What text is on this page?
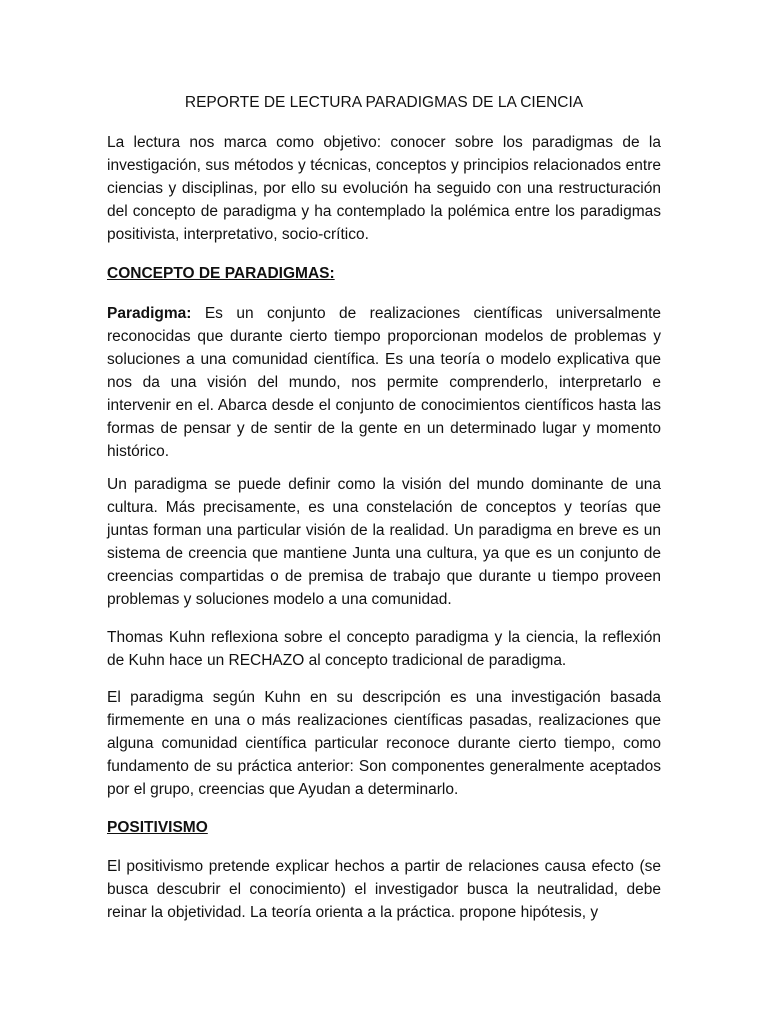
REPORTE DE LECTURA PARADIGMAS DE LA CIENCIA

La lectura nos marca como objetivo: conocer sobre los paradigmas de la investigación, sus métodos y técnicas, conceptos y principios relacionados entre ciencias y disciplinas, por ello su evolución ha seguido con una restructuración del concepto de paradigma y ha contemplado la polémica entre los paradigmas positivista, interpretativo, socio-crítico.

CONCEPTO DE PARADIGMAS:

Paradigma: Es un conjunto de realizaciones científicas universalmente reconocidas que durante cierto tiempo proporcionan modelos de problemas y soluciones a una comunidad científica. Es una teoría o modelo explicativa que nos da una visión del mundo, nos permite comprenderlo, interpretarlo e intervenir en el. Abarca desde el conjunto de conocimientos científicos hasta las formas de pensar y de sentir de la gente en un determinado lugar y momento histórico.

Un paradigma se puede definir como la visión del mundo dominante de una cultura. Más precisamente, es una constelación de conceptos y teorías que juntas forman una particular visión de la realidad. Un paradigma en breve es un sistema de creencia que mantiene Junta una cultura, ya que es un conjunto de creencias compartidas o de premisa de trabajo que durante u tiempo proveen problemas y soluciones modelo a una comunidad.

Thomas Kuhn reflexiona sobre el concepto paradigma y la ciencia, la reflexión de Kuhn hace un RECHAZO al concepto tradicional de paradigma.

El paradigma según Kuhn en su descripción es una investigación basada firmemente en una o más realizaciones científicas pasadas, realizaciones que alguna comunidad científica particular reconoce durante cierto tiempo, como fundamento de su práctica anterior: Son componentes generalmente aceptados por el grupo, creencias que Ayudan a determinarlo.

POSITIVISMO

El positivismo pretende explicar hechos a partir de relaciones causa efecto (se busca descubrir el conocimiento) el investigador busca la neutralidad, debe reinar la objetividad. La teoría orienta a la práctica. propone hipótesis, y
